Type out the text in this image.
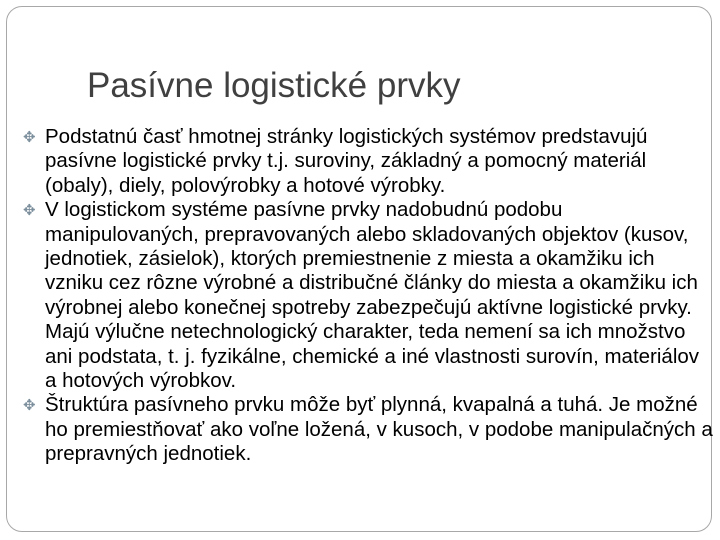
Pasívne logistické prvky
✥ Podstatnú časť hmotnej stránky logistických systémov predstavujú pasívne logistické prvky t.j. suroviny, základný a pomocný materiál (obaly), diely, polovýrobky a hotové výrobky.
✥ V logistickom systéme pasívne prvky nadobudnú podobu manipulovaných, prepravovaných alebo skladovaných objektov (kusov, jednotiek, zásielok), ktorých premiestnenie z miesta a okamžiku ich vzniku cez rôzne výrobné a distribučné články do miesta a okamžiku ich výrobnej alebo konečnej spotreby zabezpečujú aktívne logistické prvky. Majú výlučne netechnologický charakter, teda nemení sa ich množstvo ani podstata, t. j. fyzikálne, chemické a iné vlastnosti surovín, materiálov a hotových výrobkov.
✥ Štruktúra pasívneho prvku môže byť plynná, kvapalná a tuhá. Je možné ho premiestňovať ako voľne ložená, v kusoch, v podobe manipulačných a prepravných jednotiek.
